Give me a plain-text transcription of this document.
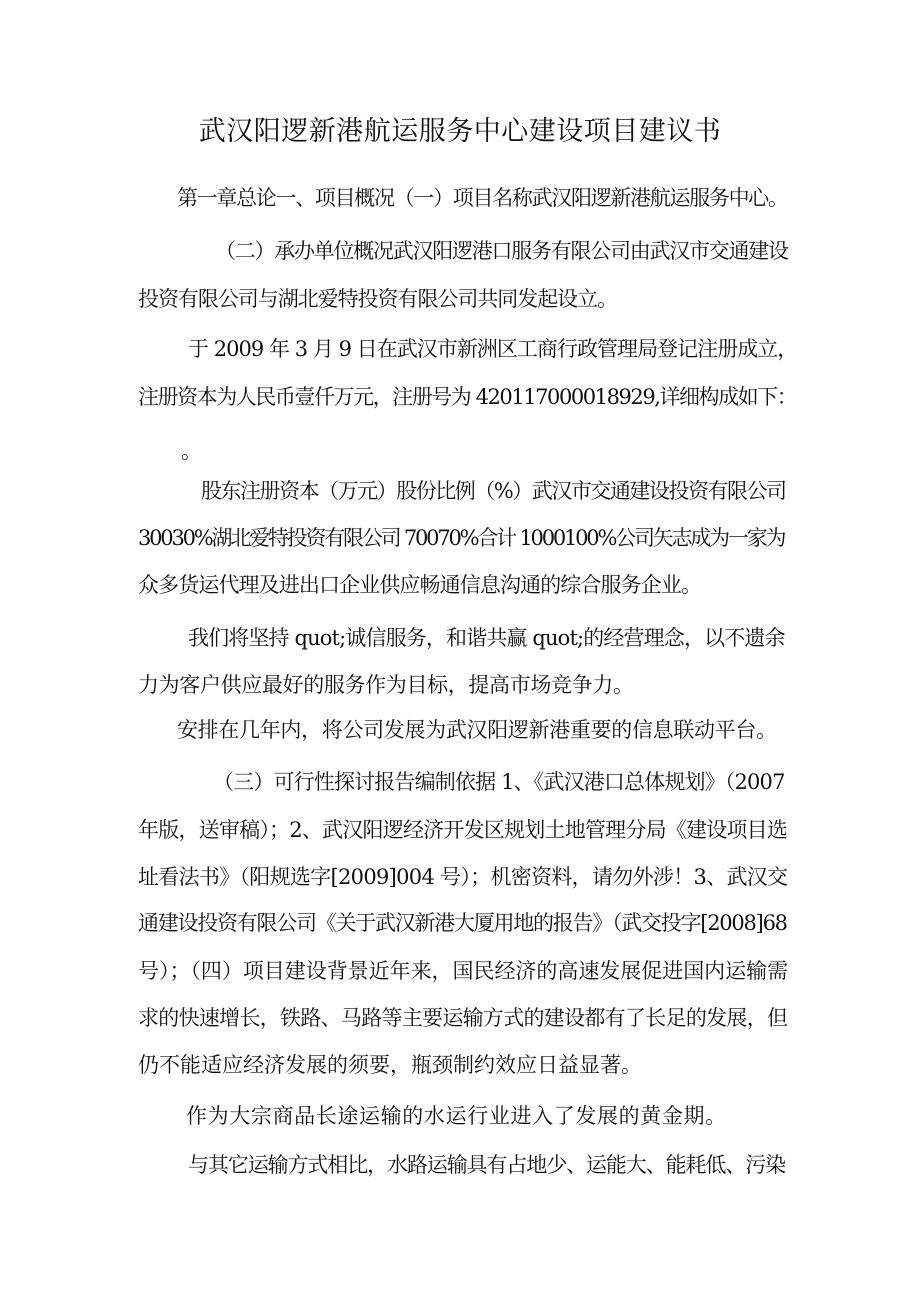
武汉阳逻新港航运服务中心建设项目建议书
第一章总论一、项目概况（一）项目名称武汉阳逻新港航运服务中心。
（二）承办单位概况武汉阳逻港口服务有限公司由武汉市交通建设
投资有限公司与湖北爱特投资有限公司共同发起设立。
于 2009 年 3 月 9 日在武汉市新洲区工商行政管理局登记注册成立，
注册资本为人民币壹仟万元，注册号为 420117000018929,详细构成如下：
。
股东注册资本（万元）股份比例（%）武汉市交通建设投资有限公司
30030%湖北爱特投资有限公司 70070%合计 1000100%公司矢志成为一家为
众多货运代理及进出口企业供应畅通信息沟通的综合服务企业。
我们将坚持 quot;诚信服务，和谐共赢 quot;的经营理念，以不遗余
力为客户供应最好的服务作为目标，提高市场竞争力。
安排在几年内，将公司发展为武汉阳逻新港重要的信息联动平台。
（三）可行性探讨报告编制依据 1、《武汉港口总体规划》（2007
年版，送审稿）；2、武汉阳逻经济开发区规划土地管理分局《建设项目选
址看法书》（阳规选字[2009]004 号）；机密资料，请勿外涉！3、武汉交
通建设投资有限公司《关于武汉新港大厦用地的报告》（武交投字[2008]68
号）；（四）项目建设背景近年来，国民经济的高速发展促进国内运输需
求的快速增长，铁路、马路等主要运输方式的建设都有了长足的发展，但
仍不能适应经济发展的须要，瓶颈制约效应日益显著。
作为大宗商品长途运输的水运行业进入了发展的黄金期。
与其它运输方式相比，水路运输具有占地少、运能大、能耗低、污染
